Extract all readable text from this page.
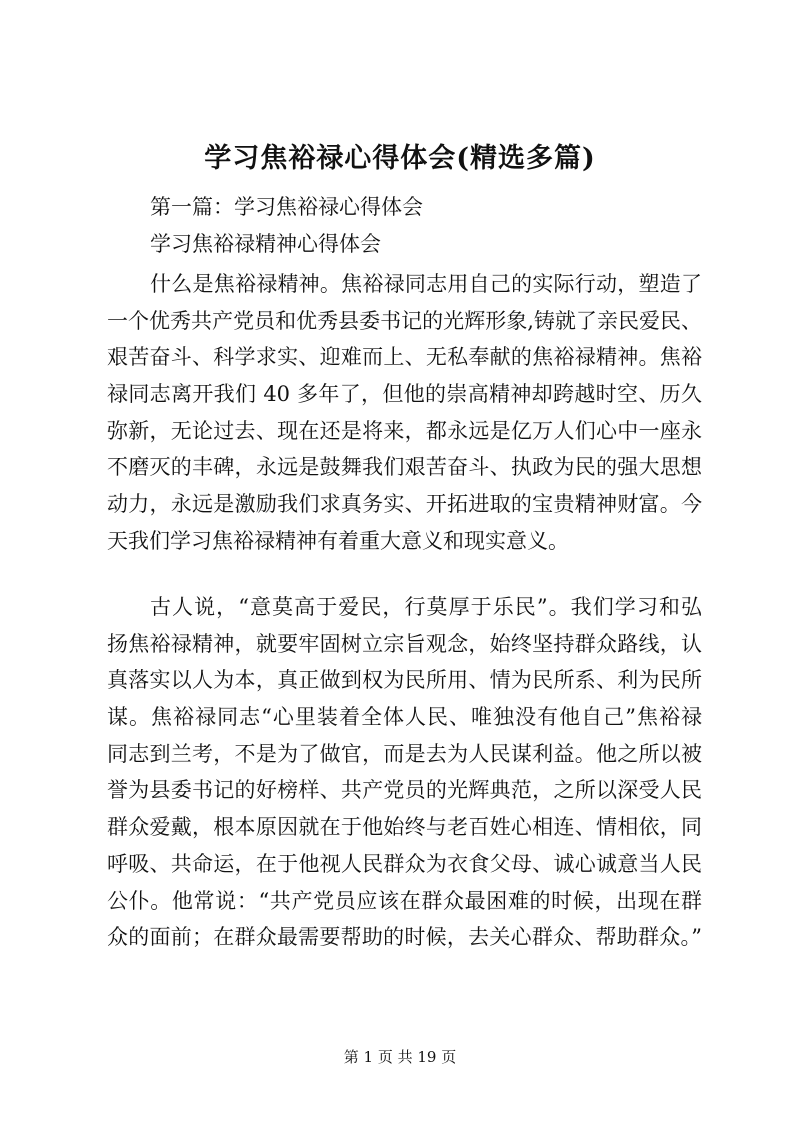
学习焦裕禄心得体会(精选多篇)

第一篇：学习焦裕禄心得体会

学习焦裕禄精神心得体会

什么是焦裕禄精神。焦裕禄同志用自己的实际行动，塑造了
一个优秀共产党员和优秀县委书记的光辉形象,铸就了亲民爱民、
艰苦奋斗、科学求实、迎难而上、无私奉献的焦裕禄精神。焦裕
禄同志离开我们 40 多年了，但他的崇高精神却跨越时空、历久
弥新，无论过去、现在还是将来，都永远是亿万人们心中一座永
不磨灭的丰碑，永远是鼓舞我们艰苦奋斗、执政为民的强大思想
动力，永远是激励我们求真务实、开拓进取的宝贵精神财富。今
天我们学习焦裕禄精神有着重大意义和现实意义。
古人说，“意莫高于爱民，行莫厚于乐民”。我们学习和弘
扬焦裕禄精神，就要牢固树立宗旨观念，始终坚持群众路线，认
真落实以人为本，真正做到权为民所用、情为民所系、利为民所
谋。焦裕禄同志“心里装着全体人民、唯独没有他自己”焦裕禄
同志到兰考，不是为了做官，而是去为人民谋利益。他之所以被
誉为县委书记的好榜样、共产党员的光辉典范，之所以深受人民
群众爱戴，根本原因就在于他始终与老百姓心相连、情相依，同
呼吸、共命运，在于他视人民群众为衣食父母、诚心诚意当人民
公仆。他常说：“共产党员应该在群众最困难的时候，出现在群
众的面前；在群众最需要帮助的时候，去关心群众、帮助群众。”

第 1 页 共 19 页
